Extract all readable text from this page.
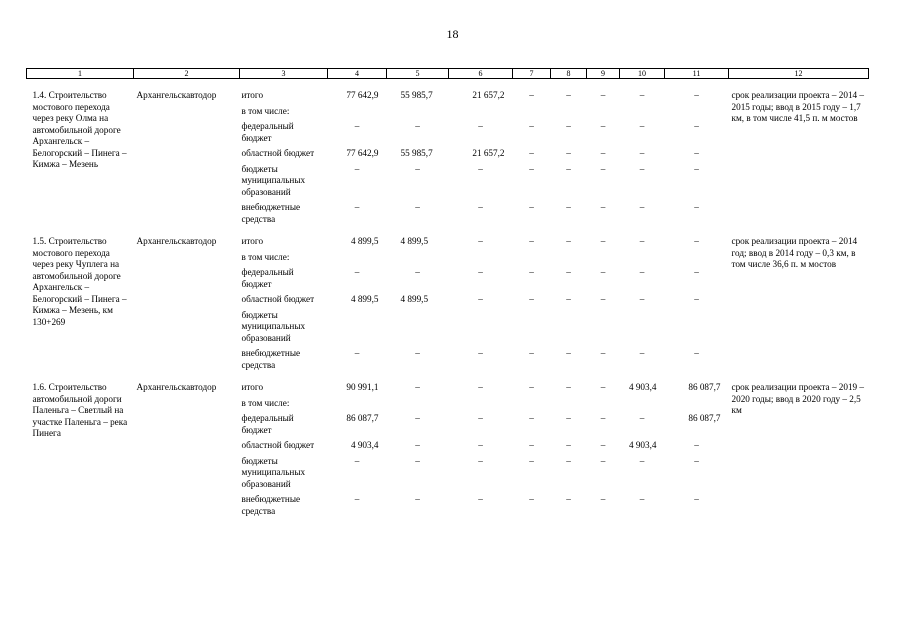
18
1	2	3	4	5	6	7	8	9	10	11	12
1.4. Строительство мостового перехода через реку Олма на автомобильной дороге Архангельск – Белогорский – Пинега – Кимжа – Мезень	Архангельскавтодор	итого	77 642,9	55 985,7	21 657,2	–	–	–	–	–	срок реализации проекта – 2014 – 2015 годы; ввод в 2015 году – 1,7 км, в том числе 41,5 п. м мостов
		в том числе:									
		федеральный бюджет	–	–	–	–	–	–	–	–	
		областной бюджет	77 642,9	55 985,7	21 657,2	–	–	–	–	–	
		бюджеты муниципальных образований	–	–	–	–	–	–	–	–	
		внебюджетные средства	–	–	–	–	–	–	–	–	
1.5. Строительство мостового перехода через реку Чуплега на автомобильной дороге Архангельск – Белогорский – Пинега – Кимжа – Мезень, км 130+269	Архангельскавтодор	итого	4 899,5	4 899,5	–	–	–	–	–	–	срок реализации проекта – 2014 год; ввод в 2014 году – 0,3 км, в том числе 36,6 п. м мостов
		в том числе:									
		федеральный бюджет	–	–	–	–	–	–	–	–	
		областной бюджет	4 899,5	4 899,5	–	–	–	–	–	–	
		бюджеты муниципальных образований									
		внебюджетные средства	–	–	–	–	–	–	–	–	
1.6. Строительство автомобильной дороги Паленьга – Светлый на участке Паленьга – река Пинега	Архангельскавтодор	итого	90 991,1	–	–	–	–	–	4 903,4	86 087,7	срок реализации проекта – 2019 – 2020 годы; ввод в 2020 году – 2,5 км
		в том числе:									
		федеральный бюджет	86 087,7	–	–	–	–	–	–	86 087,7	
		областной бюджет	4 903,4	–	–	–	–	–	4 903,4	–	
		бюджеты муниципальных образований	–	–	–	–	–	–	–	–	
		внебюджетные средства	–	–	–	–	–	–	–	–	
